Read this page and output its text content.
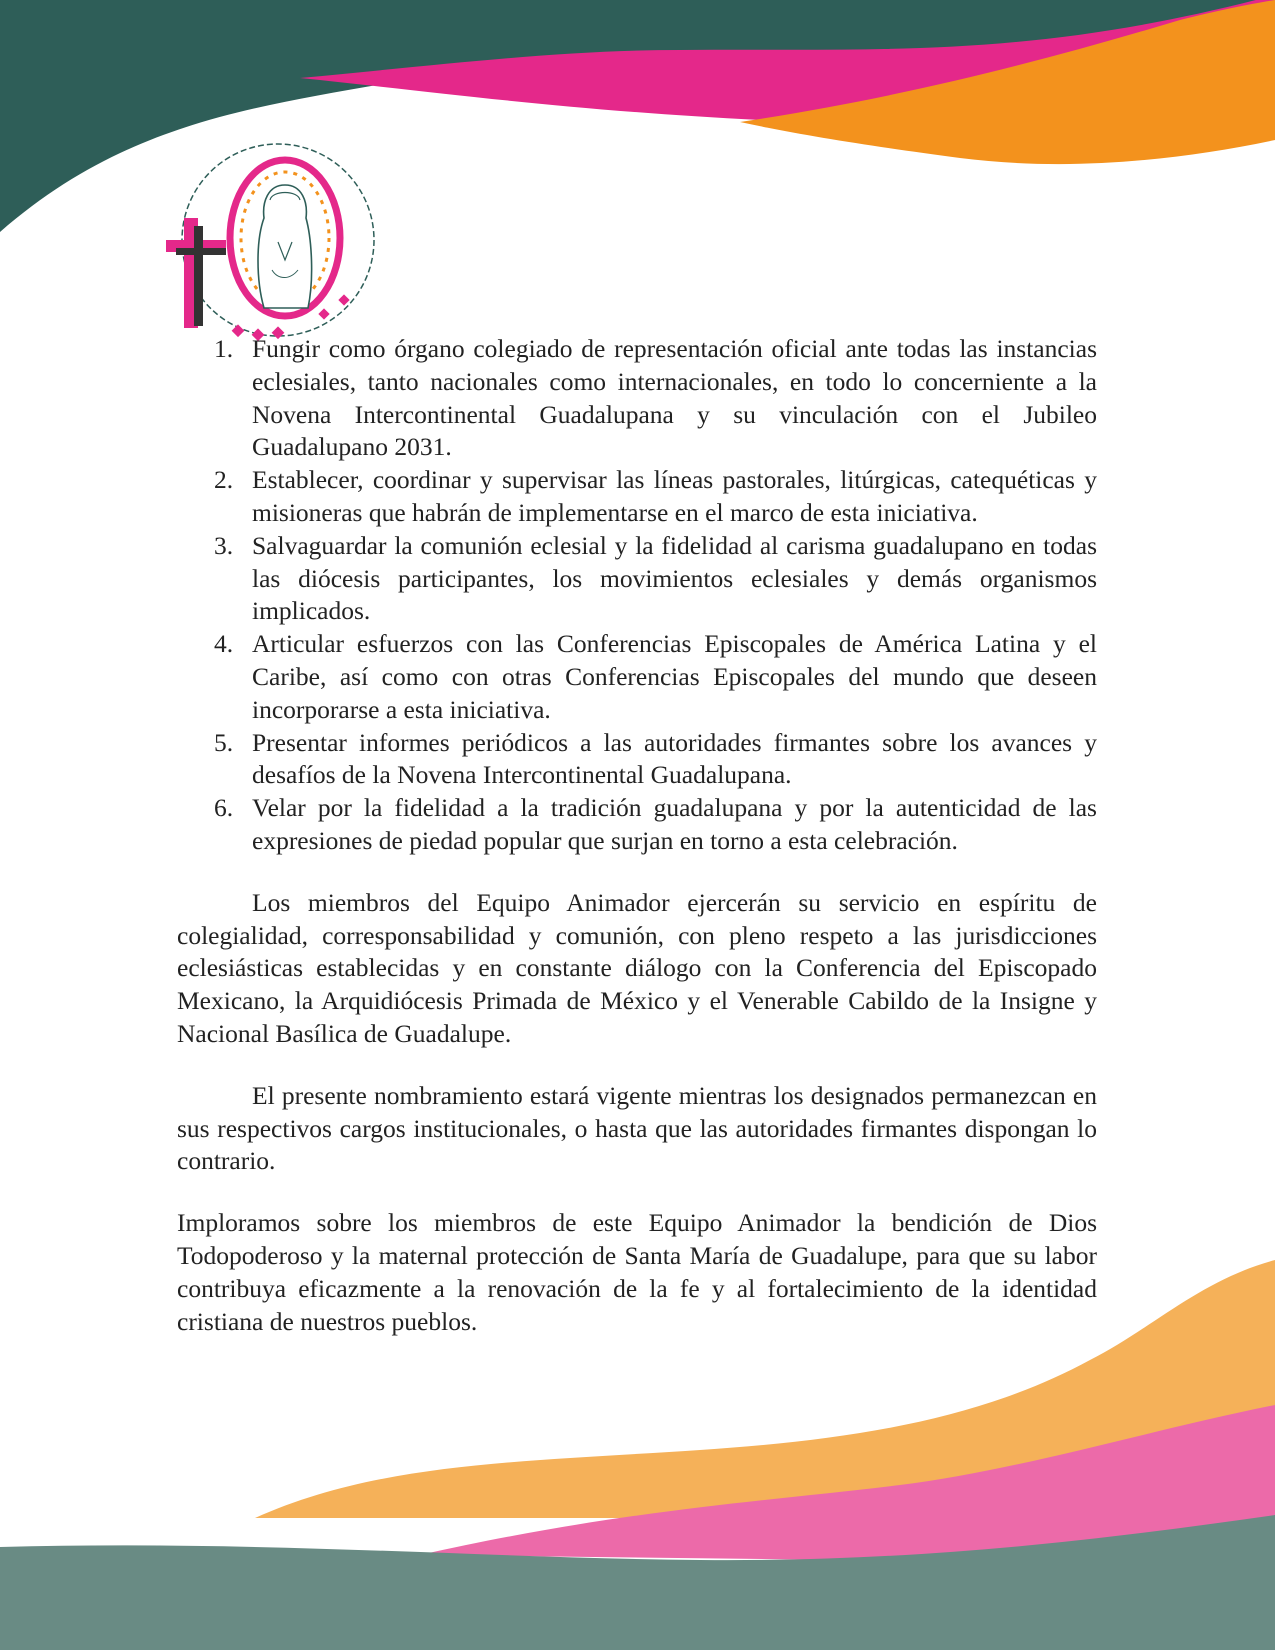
1. Fungir como órgano colegiado de representación oficial ante todas las instancias eclesiales, tanto nacionales como internacionales, en todo lo concerniente a la Novena Intercontinental Guadalupana y su vinculación con el Jubileo Guadalupano 2031.
2. Establecer, coordinar y supervisar las líneas pastorales, litúrgicas, catequéticas y misioneras que habrán de implementarse en el marco de esta iniciativa.
3. Salvaguardar la comunión eclesial y la fidelidad al carisma guadalupano en todas las diócesis participantes, los movimientos eclesiales y demás organismos implicados.
4. Articular esfuerzos con las Conferencias Episcopales de América Latina y el Caribe, así como con otras Conferencias Episcopales del mundo que deseen incorporarse a esta iniciativa.
5. Presentar informes periódicos a las autoridades firmantes sobre los avances y desafíos de la Novena Intercontinental Guadalupana.
6. Velar por la fidelidad a la tradición guadalupana y por la autenticidad de las expresiones de piedad popular que surjan en torno a esta celebración.

Los miembros del Equipo Animador ejercerán su servicio en espíritu de colegialidad, corresponsabilidad y comunión, con pleno respeto a las jurisdicciones eclesiásticas establecidas y en constante diálogo con la Conferencia del Episcopado Mexicano, la Arquidiócesis Primada de México y el Venerable Cabildo de la Insigne y Nacional Basílica de Guadalupe.

El presente nombramiento estará vigente mientras los designados permanezcan en sus respectivos cargos institucionales, o hasta que las autoridades firmantes dispongan lo contrario.

Imploramos sobre los miembros de este Equipo Animador la bendición de Dios Todopoderoso y la maternal protección de Santa María de Guadalupe, para que su labor contribuya eficazmente a la renovación de la fe y al fortalecimiento de la identidad cristiana de nuestros pueblos.
